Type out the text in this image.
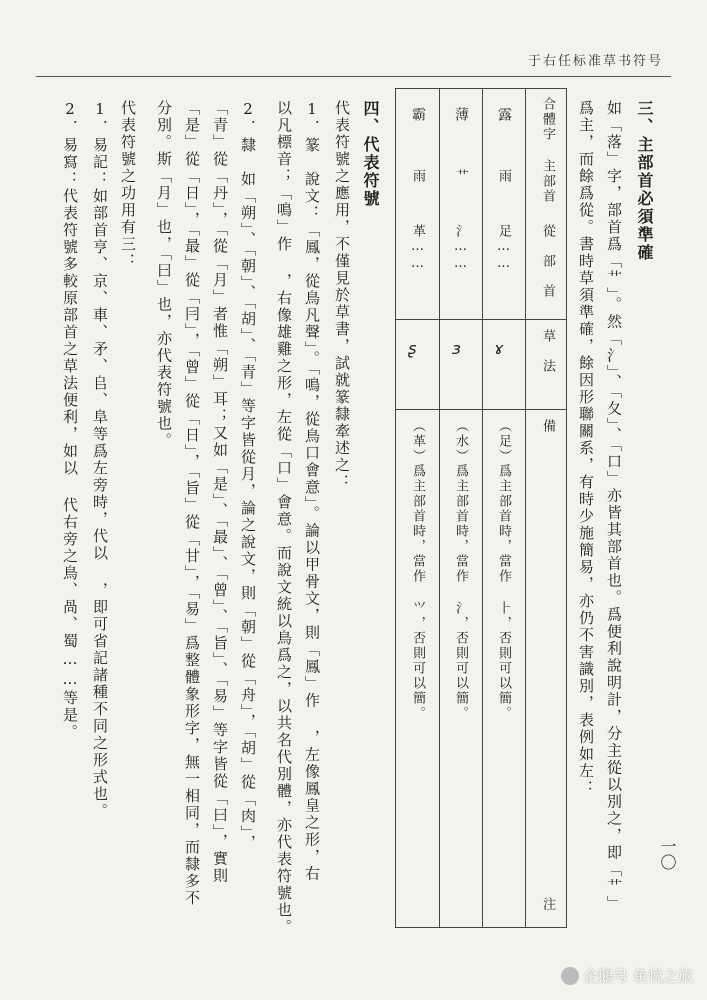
于右任标准草书符号
三、主部首必須準確
如「落」字，部首爲「艹」。然「氵」、「夂」、「口」亦皆其部首也。爲便利說明計，分主從以別之，即「艹」
爲主，而餘爲從。書時草須準確，餘因形聯關系，有時少施簡易，亦仍不害識別，表例如左：
合體字
主部首
從　部　首
草　法
備
注
露
雨
足……
ɤ
（足）爲主部首時，當作 ⺊，否則可以簡。
薄
艹
氵……
ɜ
（水）爲主部首時，當作 氵，否則可以簡。
霸
雨
革……
ʂ
（革）爲主部首時，當作 ⺍，否則可以簡。
四、代表符號
代表符號之應用，不僅見於草書，試就篆隸牽述之：
1．篆　說文：「鳳，從鳥凡聲」。「鳴，從鳥口會意」。論以甲骨文，則「鳳」作 ，左像鳳皇之形，右
以凡標音；「鳴」作 ，右像雄雞之形，左從「口」會意。而說文統以鳥爲之，以共名代別體，亦代表符號也。
2．隸　如「朔」、「朝」、「胡」、「青」等字皆從月，論之說文，則「朝」從「舟」，「胡」從「肉」，
「青」從「丹」，「從「月」者惟「朔」耳；又如「是」、「最」、「曾」、「旨」、「易」等字皆從「曰」，實則
「是」從「日」，「最」從「冃」，「曾」從「日」，「旨」從「甘」，「易」爲整體象形字，無一相同，而隸多不
分別。斯「月」也，「曰」也，亦代表符號也。
代表符號之功用有三：
1．易記：如部首亨、京、車、矛、𠂤、阜等爲左旁時，代以 ，即可省記諸種不同之形式也。
2．易寫：代表符號多較原部首之草法便利，如以 代右旁之鳥、咼、蜀……等是。
一〇
企鵝号 鱼悦之旅
